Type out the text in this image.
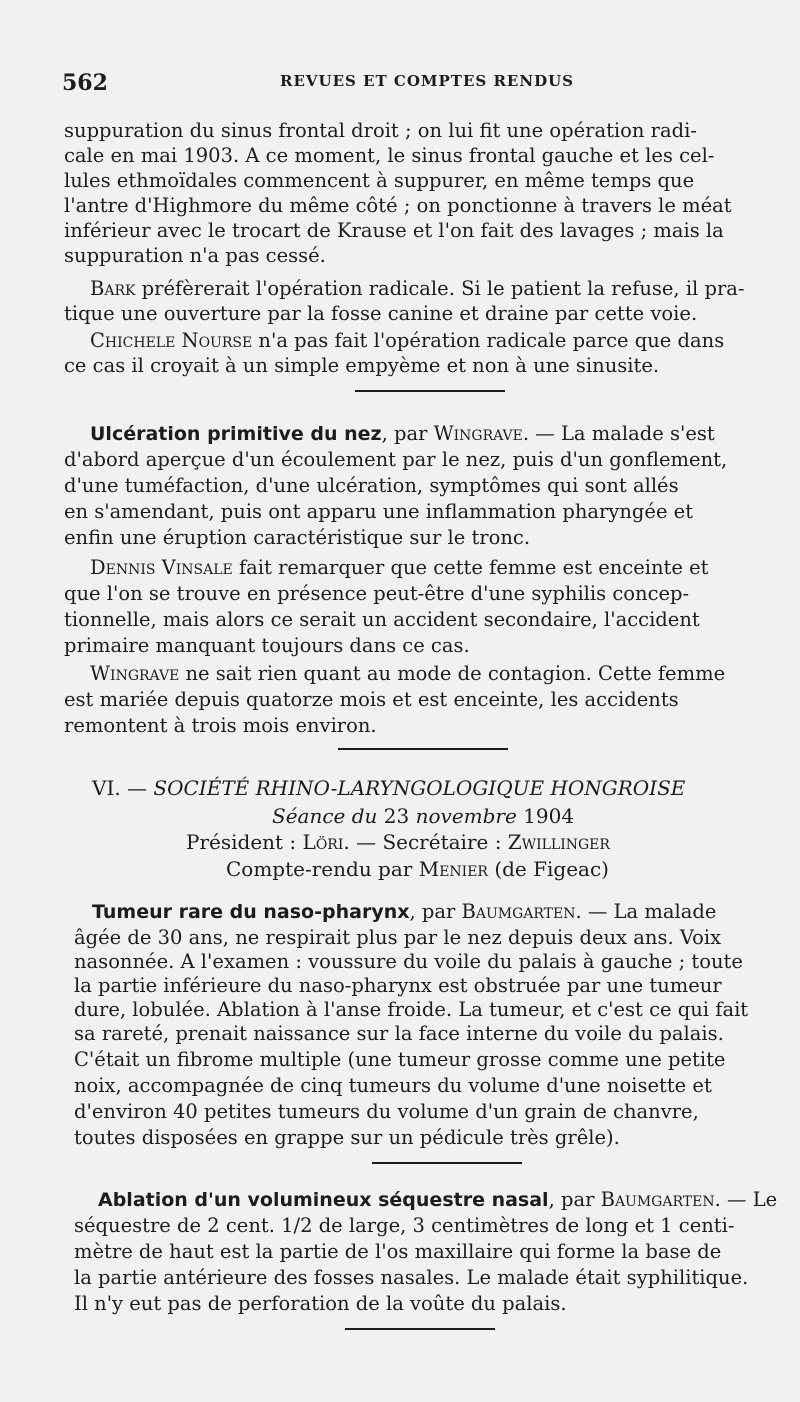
562	REVUES ET COMPTES RENDUS
suppuration du sinus frontal droit ; on lui fit une opération radi-
cale en mai 1903. A ce moment, le sinus frontal gauche et les cel-
lules ethmoïdales commencent à suppurer, en même temps que
l'antre d'Highmore du même côté ; on ponctionne à travers le méat
inférieur avec le trocart de Krause et l'on fait des lavages ; mais la
suppuration n'a pas cessé.
Bark préfèrerait l'opération radicale. Si le patient la refuse, il pra-
tique une ouverture par la fosse canine et draine par cette voie.
Chichele Nourse n'a pas fait l'opération radicale parce que dans
ce cas il croyait à un simple empyème et non à une sinusite.
Ulcération primitive du nez, par Wingrave. — La malade s'est
d'abord aperçue d'un écoulement par le nez, puis d'un gonflement,
d'une tuméfaction, d'une ulcération, symptômes qui sont allés
en s'amendant, puis ont apparu une inflammation pharyngée et
enfin une éruption caractéristique sur le tronc.
Dennis Vinsale fait remarquer que cette femme est enceinte et
que l'on se trouve en présence peut-être d'une syphilis concep-
tionnelle, mais alors ce serait un accident secondaire, l'accident
primaire manquant toujours dans ce cas.
Wingrave ne sait rien quant au mode de contagion. Cette femme
est mariée depuis quatorze mois et est enceinte, les accidents
remontent à trois mois environ.
VI. — SOCIÉTÉ RHINO-LARYNGOLOGIQUE HONGROISE
Séance du 23 novembre 1904
Président : Löri. — Secrétaire : Zwillinger
Compte-rendu par Menier (de Figeac)
Tumeur rare du naso-pharynx, par Baumgarten. — La malade
âgée de 30 ans, ne respirait plus par le nez depuis deux ans. Voix
nasonnée. A l'examen : voussure du voile du palais à gauche ; toute
la partie inférieure du naso-pharynx est obstruée par une tumeur
dure, lobulée. Ablation à l'anse froide. La tumeur, et c'est ce qui fait
sa rareté, prenait naissance sur la face interne du voile du palais.
C'était un fibrome multiple (une tumeur grosse comme une petite
noix, accompagnée de cinq tumeurs du volume d'une noisette et
d'environ 40 petites tumeurs du volume d'un grain de chanvre,
toutes disposées en grappe sur un pédicule très grêle).
Ablation d'un volumineux séquestre nasal, par Baumgarten. — Le
séquestre de 2 cent. 1/2 de large, 3 centimètres de long et 1 centi-
mètre de haut est la partie de l'os maxillaire qui forme la base de
la partie antérieure des fosses nasales. Le malade était syphilitique.
Il n'y eut pas de perforation de la voûte du palais.
